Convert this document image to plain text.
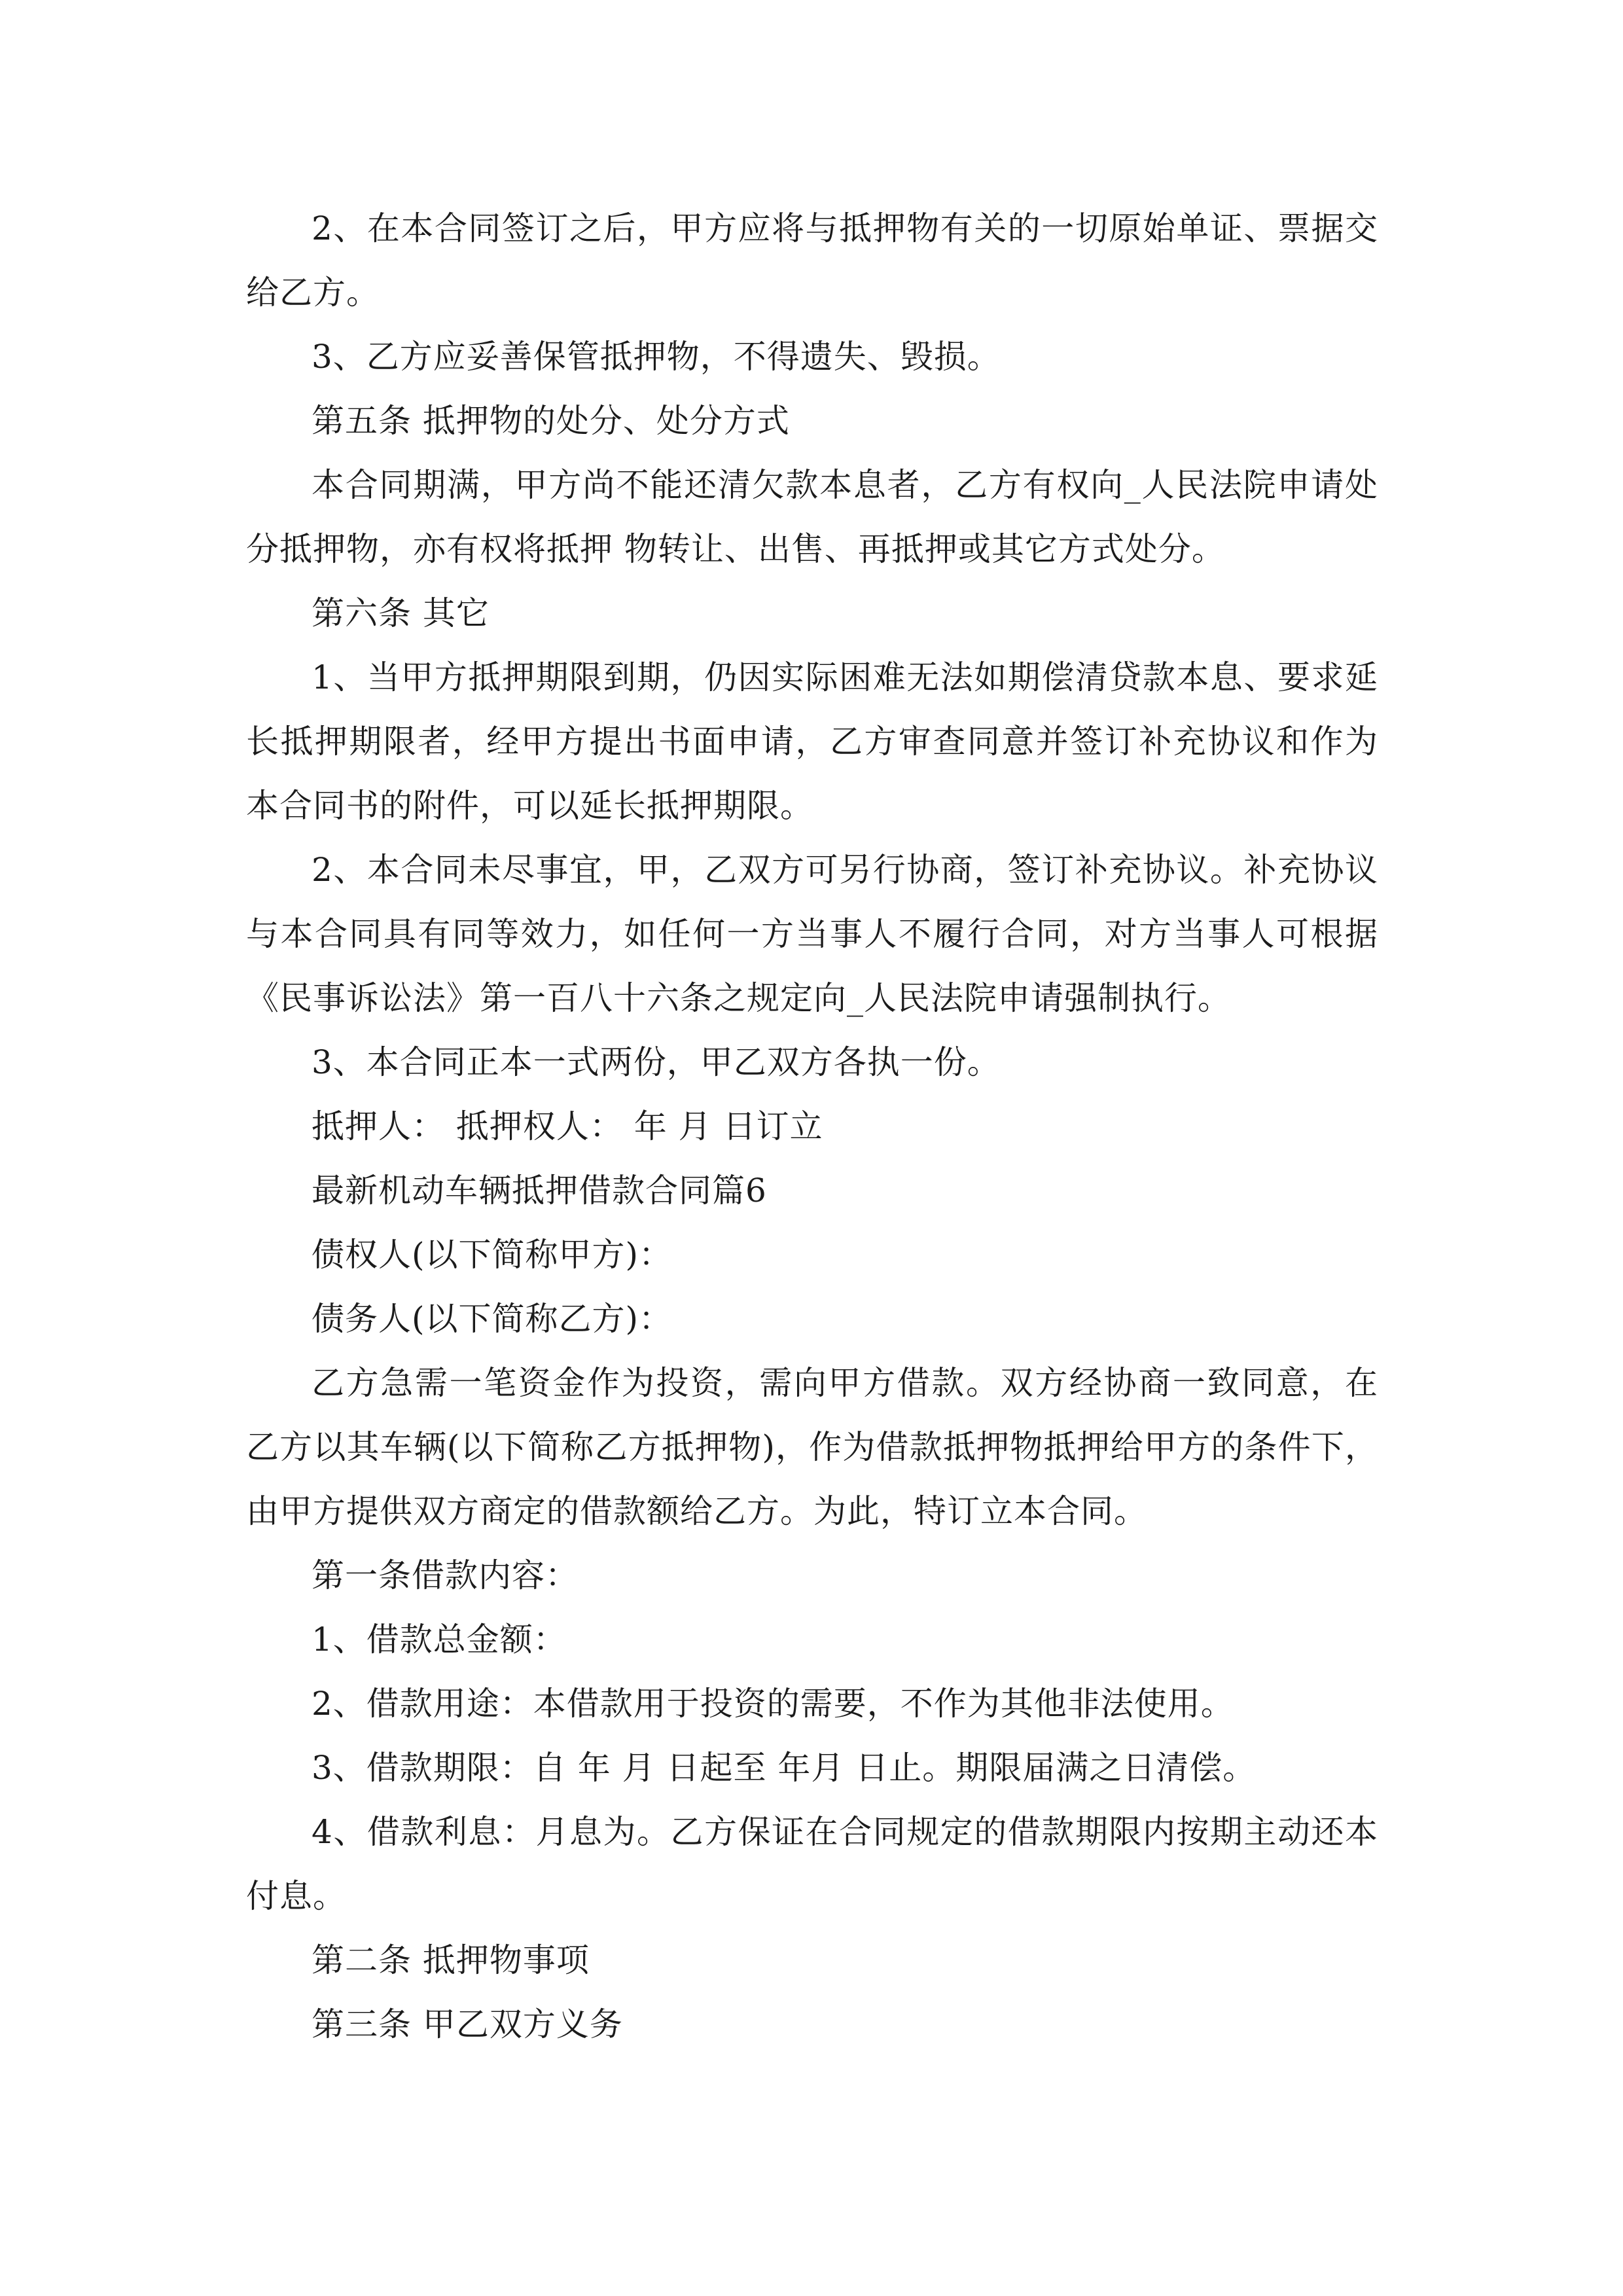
2、在本合同签订之后，甲方应将与抵押物有关的一切原始单证、票据交给乙方。

3、乙方应妥善保管抵押物，不得遗失、毁损。

第五条 抵押物的处分、处分方式

本合同期满，甲方尚不能还清欠款本息者，乙方有权向_人民法院申请处分抵押物，亦有权将抵押 物转让、出售、再抵押或其它方式处分。

第六条 其它

1、当甲方抵押期限到期，仍因实际困难无法如期偿清贷款本息、要求延长抵押期限者，经甲方提出书面申请，乙方审查同意并签订补充协议和作为本合同书的附件，可以延长抵押期限。

2、本合同未尽事宜，甲，乙双方可另行协商，签订补充协议。补充协议与本合同具有同等效力，如任何一方当事人不履行合同，对方当事人可根据《民事诉讼法》第一百八十六条之规定向_人民法院申请强制执行。

3、本合同正本一式两份，甲乙双方各执一份。

抵押人： 抵押权人： 年 月 日订立

最新机动车辆抵押借款合同篇6

债权人(以下简称甲方)：

债务人(以下简称乙方)：

乙方急需一笔资金作为投资，需向甲方借款。双方经协商一致同意，在乙方以其车辆(以下简称乙方抵押物)，作为借款抵押物抵押给甲方的条件下，由甲方提供双方商定的借款额给乙方。为此，特订立本合同。

第一条借款内容：

1、借款总金额：

2、借款用途：本借款用于投资的需要，不作为其他非法使用。

3、借款期限：自 年 月 日起至 年月 日止。期限届满之日清偿。

4、借款利息：月息为。乙方保证在合同规定的借款期限内按期主动还本付息。

第二条 抵押物事项

第三条 甲乙双方义务
